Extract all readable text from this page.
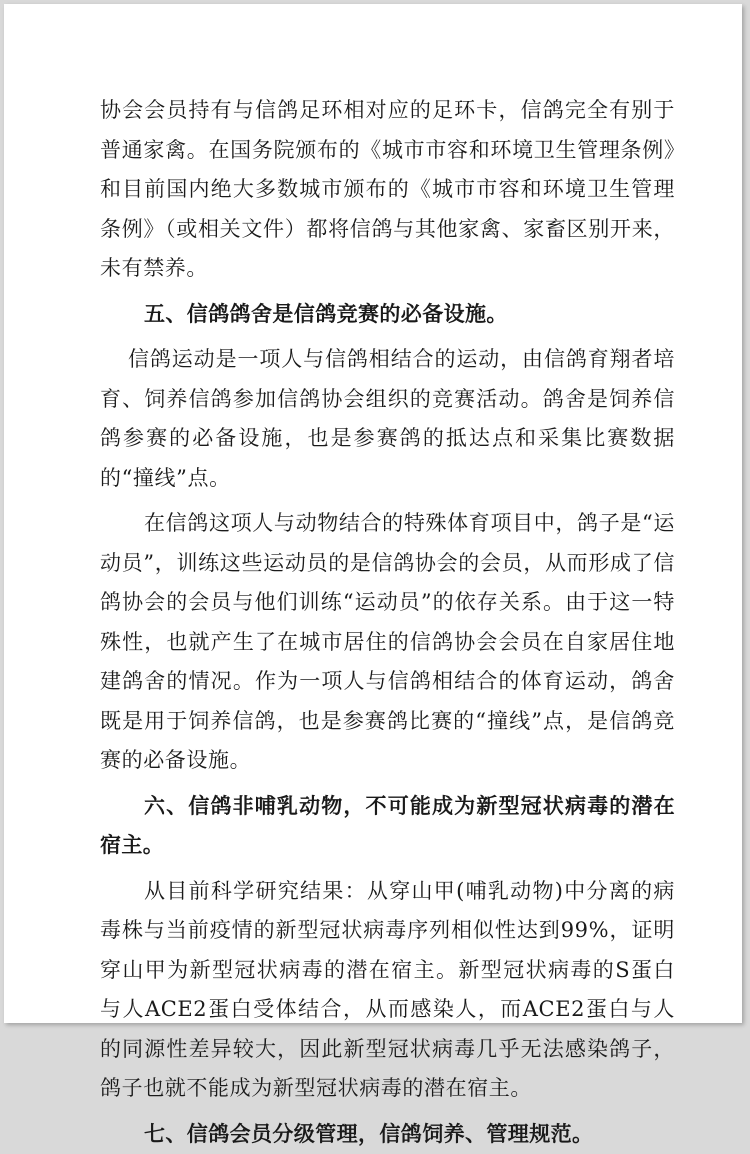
协会会员持有与信鸽足环相对应的足环卡，信鸽完全有别于普通家禽。在国务院颁布的《城市市容和环境卫生管理条例》和目前国内绝大多数城市颁布的《城市市容和环境卫生管理条例》（或相关文件）都将信鸽与其他家禽、家畜区别开来，未有禁养。

五、信鸽鸽舍是信鸽竞赛的必备设施。

信鸽运动是一项人与信鸽相结合的运动，由信鸽育翔者培育、饲养信鸽参加信鸽协会组织的竞赛活动。鸽舍是饲养信鸽参赛的必备设施，也是参赛鸽的抵达点和采集比赛数据的“撞线”点。

在信鸽这项人与动物结合的特殊体育项目中，鸽子是“运动员”，训练这些运动员的是信鸽协会的会员，从而形成了信鸽协会的会员与他们训练“运动员”的依存关系。由于这一特殊性，也就产生了在城市居住的信鸽协会会员在自家居住地建鸽舍的情况。作为一项人与信鸽相结合的体育运动，鸽舍既是用于饲养信鸽，也是参赛鸽比赛的“撞线”点，是信鸽竞赛的必备设施。

六、信鸽非哺乳动物，不可能成为新型冠状病毒的潜在宿主。

从目前科学研究结果：从穿山甲(哺乳动物)中分离的病毒株与当前疫情的新型冠状病毒序列相似性达到99%，证明穿山甲为新型冠状病毒的潜在宿主。新型冠状病毒的S蛋白与人ACE2蛋白受体结合，从而感染人，而ACE2蛋白与人的同源性差异较大，因此新型冠状病毒几乎无法感染鸽子，鸽子也就不能成为新型冠状病毒的潜在宿主。

七、信鸽会员分级管理，信鸽饲养、管理规范。
